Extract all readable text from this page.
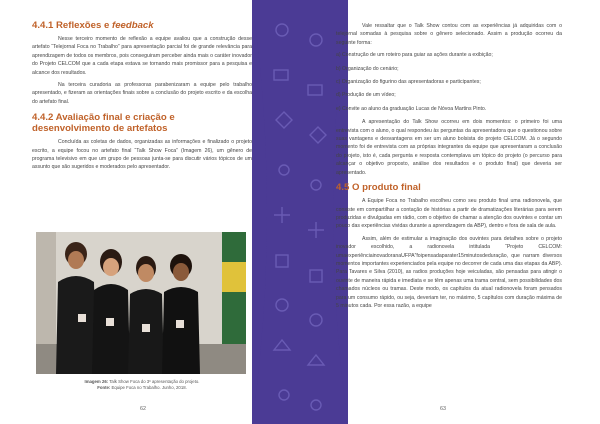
4.4.1 Reflexões e feedback

Nesse terceiro momento de reflexão a equipe avaliou que a construção desse artefato “Telejornal Foca no Trabalho” para apresentação parcial foi de grande relevância para aprendizagem de todos os membros, pois conseguiram perceber ainda mais o caráter inovador do Projeto CELCOM que a cada etapa estava se tornando mais promissor para a pesquisa e alcance dos resultados.

Na terceira curadoria as professoras parabenizaram a equipe pelo trabalho apresentado, e fizeram as orientações finais sobre a conclusão do projeto escrito e da escolha do artefato final.

4.4.2 Avaliação final e criação e desenvolvimento de artefatos

Concluída as coletas de dados, organizadas as informações e finalizado o projeto escrito, a equipe focou no artefato final “Talk Show Foca” (Imagem 26), um gênero de programa televisivo em que um grupo de pessoas junta-se para discutir vários tópicos de um assunto que são sugeridos e moderados pelo apresentador.

Imagem 26: Talk Show Foca do 3º apresentação do projeto.
Fonte: Equipe Foca no Trabalho. Junho, 2018.
62

Vale ressaltar que o Talk Show contou com as experiências já adquiridas com o telejornal somadas à pesquisa sobre o gênero selecionado. Assim a produção ocorreu da seguinte forma:

a) Construção de um roteiro para guiar as ações durante a exibição;

b) Organização do cenário;

c) Organização do figurino das apresentadoras e participantes;

d) Produção de um vídeo;

e) Convite ao aluno da graduação Lucas de Nóvoa Martins Pinto.

A apresentação do Talk Show ocorreu em dois momentos: o primeiro foi uma entrevista com o aluno, o qual respondeu às perguntas da apresentadora que o questionou sobre suas vantagens e desvantagens em ser um aluno bolsista do projeto CELCOM. Já o segundo momento foi de entrevista com as próprias integrantes da equipe que apresentaram a conclusão do projeto, isto é, cada pergunta e resposta contemplava um tópico do projeto (o percurso para alcançar o objetivo proposto, análise dos resultados e o produto final) que deveria ser apresentado.

4.5 O produto final

A Equipe Foca no Trabalho escolheu como seu produto final uma radionovela, que consiste em compartilhar a contação de histórias a partir de dramatizações literárias para serem produzidas e divulgadas em rádio, com o objetivo de chamar a atenção dos ouvintes e contar um pouco das experiências vividas durante a aprendizagem da ABP), dentro e fora de sala de aula.

Assim, além de estimular a imaginação dos ouvintes para detalhes sobre o projeto inovador escolhido, a radionovela intitulada “Projeto CELCOM: umaexperiênciainovadoranaUFPA”foipensadaparater15minutosdeduração, que narram diversos momentos importantes experienciados pela equipe no decorrer de cada uma das etapas da ABP). Para Tavares e Silva (2010), as radios produções hoje veiculadas, são pensadas para atingir o ouvinte de maneira rápida e imediata e se têm apenas uma trama central, sem possibilidades dos chamados núcleos ou tramas. Deste modo, os capítulos da atual radionovela foram pensados para um consumo rápido, ou seja, deveriam ter, no máximo, 5 capítulos com duração máxima de 5 minutos cada. Por essa razão, a equipe

63
